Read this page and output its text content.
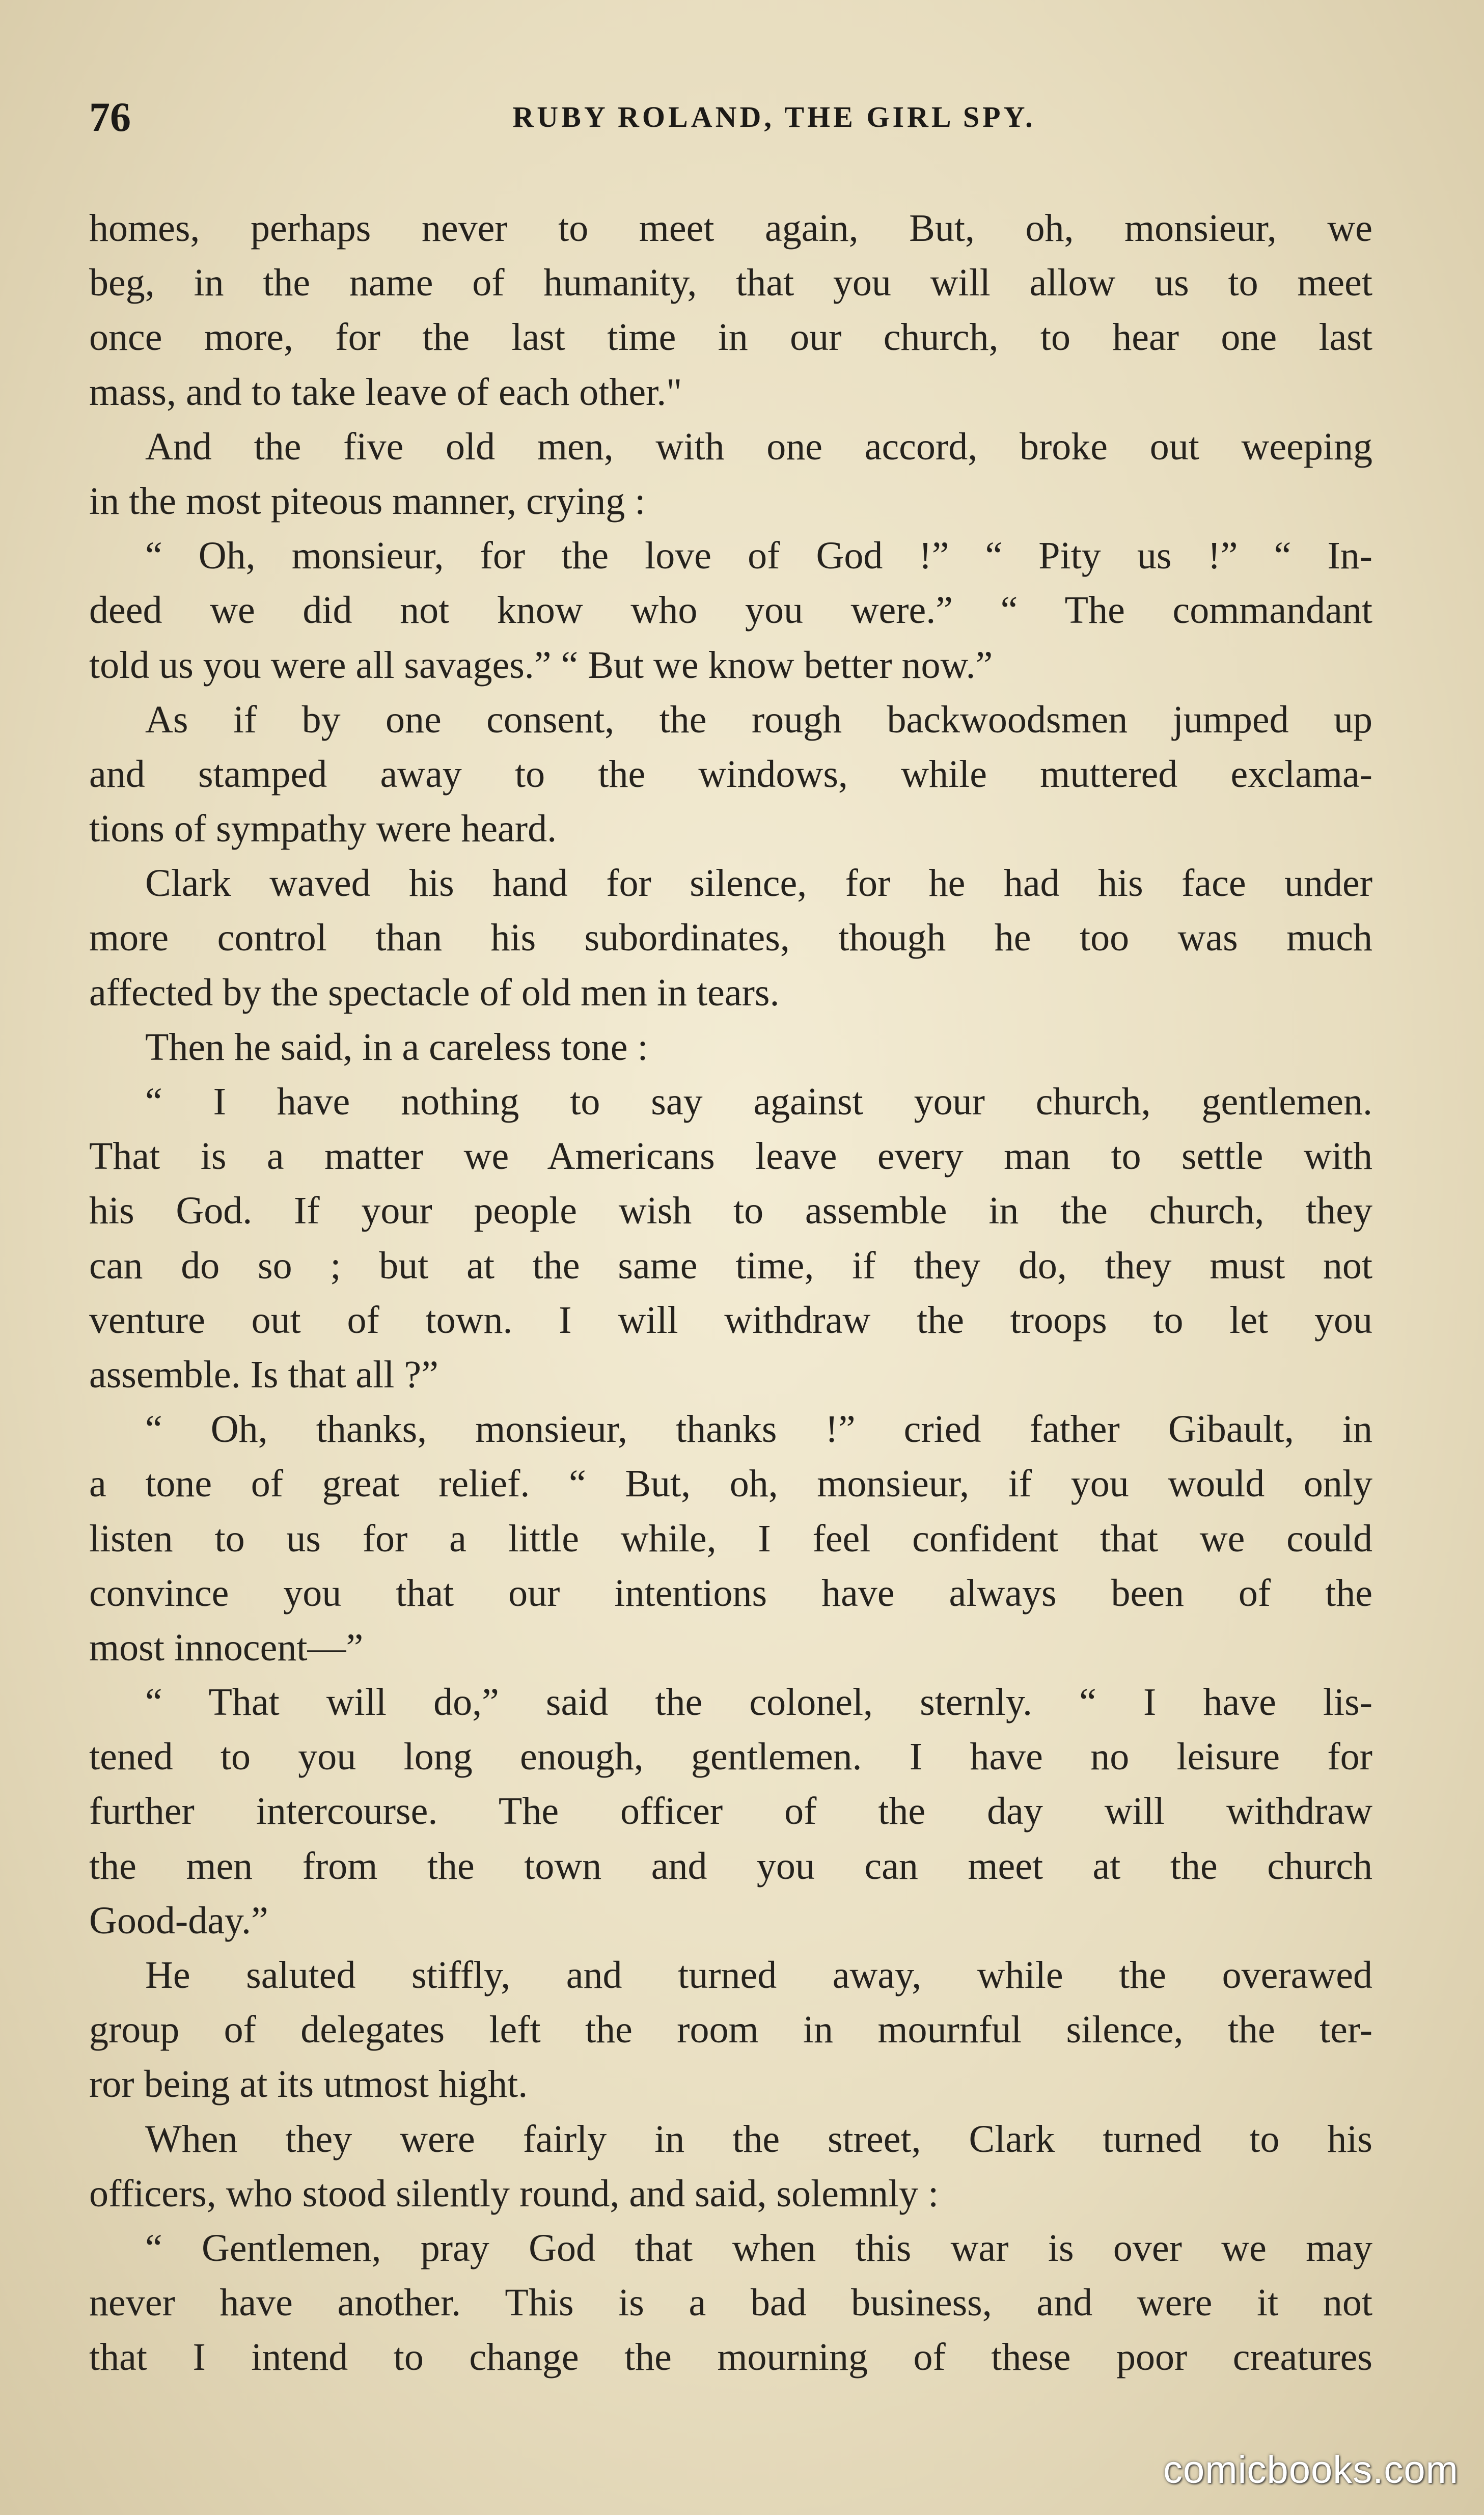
76	RUBY ROLAND, THE GIRL SPY.
homes, perhaps never to meet again, But, oh, monsieur, we
beg, in the name of humanity, that you will allow us to meet
once more, for the last time in our church, to hear one last
mass, and to take leave of each other."
And the five old men, with one accord, broke out weeping
in the most piteous manner, crying :
“ Oh, monsieur, for the love of God !” “ Pity us !” “ In-
deed we did not know who you were.” “ The commandant
told us you were all savages.” “ But we know better now.”
As if by one consent, the rough backwoodsmen jumped up
and stamped away to the windows, while muttered exclama-
tions of sympathy were heard.
Clark waved his hand for silence, for he had his face under
more control than his subordinates, though he too was much
affected by the spectacle of old men in tears.
Then he said, in a careless tone :
“ I have nothing to say against your church, gentlemen.
That is a matter we Americans leave every man to settle with
his God. If your people wish to assemble in the church, they
can do so ; but at the same time, if they do, they must not
venture out of town. I will withdraw the troops to let you
assemble. Is that all ?”
“ Oh, thanks, monsieur, thanks !” cried father Gibault, in
a tone of great relief. “ But, oh, monsieur, if you would only
listen to us for a little while, I feel confident that we could
convince you that our intentions have always been of the
most innocent—”
“ That will do,” said the colonel, sternly. “ I have lis-
tened to you long enough, gentlemen. I have no leisure for
further intercourse. The officer of the day will withdraw
the men from the town and you can meet at the church
Good-day.”
He saluted stiffly, and turned away, while the overawed
group of delegates left the room in mournful silence, the ter-
ror being at its utmost hight.
When they were fairly in the street, Clark turned to his
officers, who stood silently round, and said, solemnly :
“ Gentlemen, pray God that when this war is over we may
never have another. This is a bad business, and were it not
that I intend to change the mourning of these poor creatures
comicbooks.com
